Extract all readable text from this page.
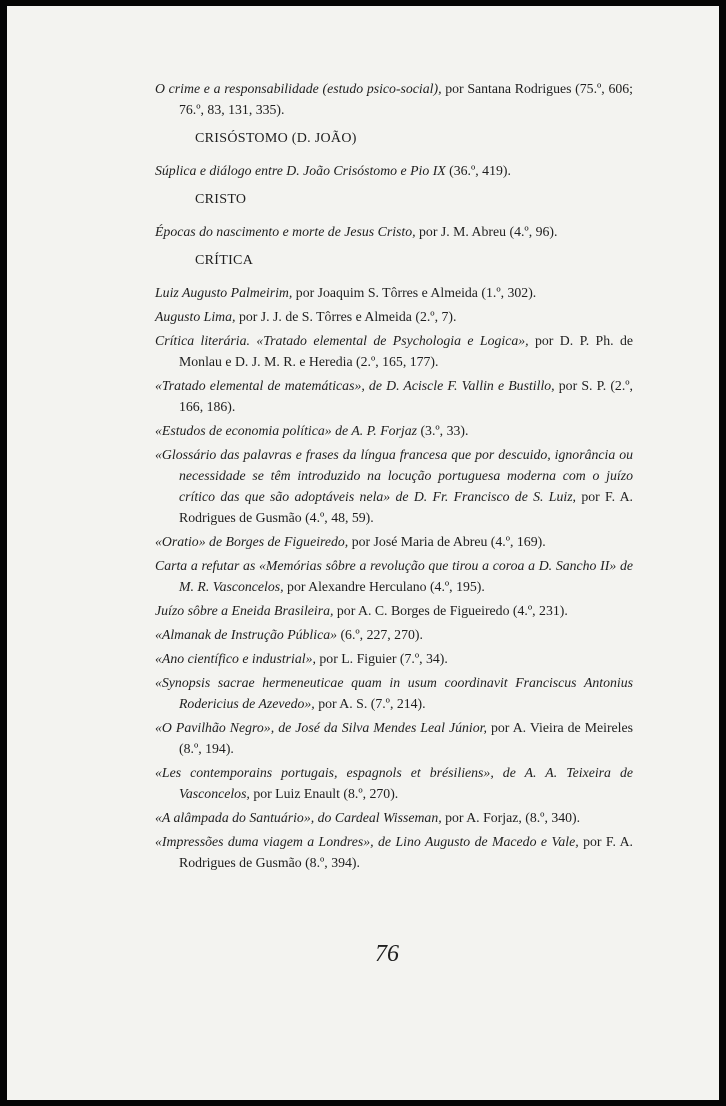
O crime e a responsabilidade (estudo psico-social), por Santana Rodrigues (75.º, 606; 76.º, 83, 131, 335).
CRISÓSTOMO (D. JOÃO)
Súplica e diálogo entre D. João Crisóstomo e Pio IX (36.º, 419).
CRISTO
Épocas do nascimento e morte de Jesus Cristo, por J. M. Abreu (4.º, 96).
CRÍTICA
Luiz Augusto Palmeirim, por Joaquim S. Tôrres e Almeida (1.º, 302).
Augusto Lima, por J. J. de S. Tôrres e Almeida (2.º, 7).
Crítica literária. «Tratado elemental de Psychologia e Logica», por D. P. Ph. de Monlau e D. J. M. R. e Heredia (2.º, 165, 177).
«Tratado elemental de matemáticas», de D. Aciscle F. Vallin e Bustillo, por S. P. (2.º, 166, 186).
«Estudos de economia política» de A. P. Forjaz (3.º, 33).
«Glossário das palavras e frases da língua francesa que por descuido, ignorância ou necessidade se têm introduzido na locução portuguesa moderna com o juízo crítico das que são adoptáveis nela» de D. Fr. Francisco de S. Luiz, por F. A. Rodrigues de Gusmão (4.º, 48, 59).
«Oratio» de Borges de Figueiredo, por José Maria de Abreu (4.º, 169).
Carta a refutar as «Memórias sôbre a revolução que tirou a coroa a D. Sancho II» de M. R. Vasconcelos, por Alexandre Herculano (4.º, 195).
Juízo sôbre a Eneida Brasileira, por A. C. Borges de Figueiredo (4.º, 231).
«Almanak de Instrução Pública» (6.º, 227, 270).
«Ano científico e industrial», por L. Figuier (7.º, 34).
«Synopsis sacrae hermeneuticae quam in usum coordinavit Franciscus Antonius Rodericius de Azevedo», por A. S. (7.º, 214).
«O Pavilhão Negro», de José da Silva Mendes Leal Júnior, por A. Vieira de Meireles (8.º, 194).
«Les contemporains portugais, espagnols et brésiliens», de A. A. Teixeira de Vasconcelos, por Luiz Enault (8.º, 270).
«A alâmpada do Santuário», do Cardeal Wisseman, por A. Forjaz, (8.º, 340).
«Impressões duma viagem a Londres», de Lino Augusto de Macedo e Vale, por F. A. Rodrigues de Gusmão (8.º, 394).
76
